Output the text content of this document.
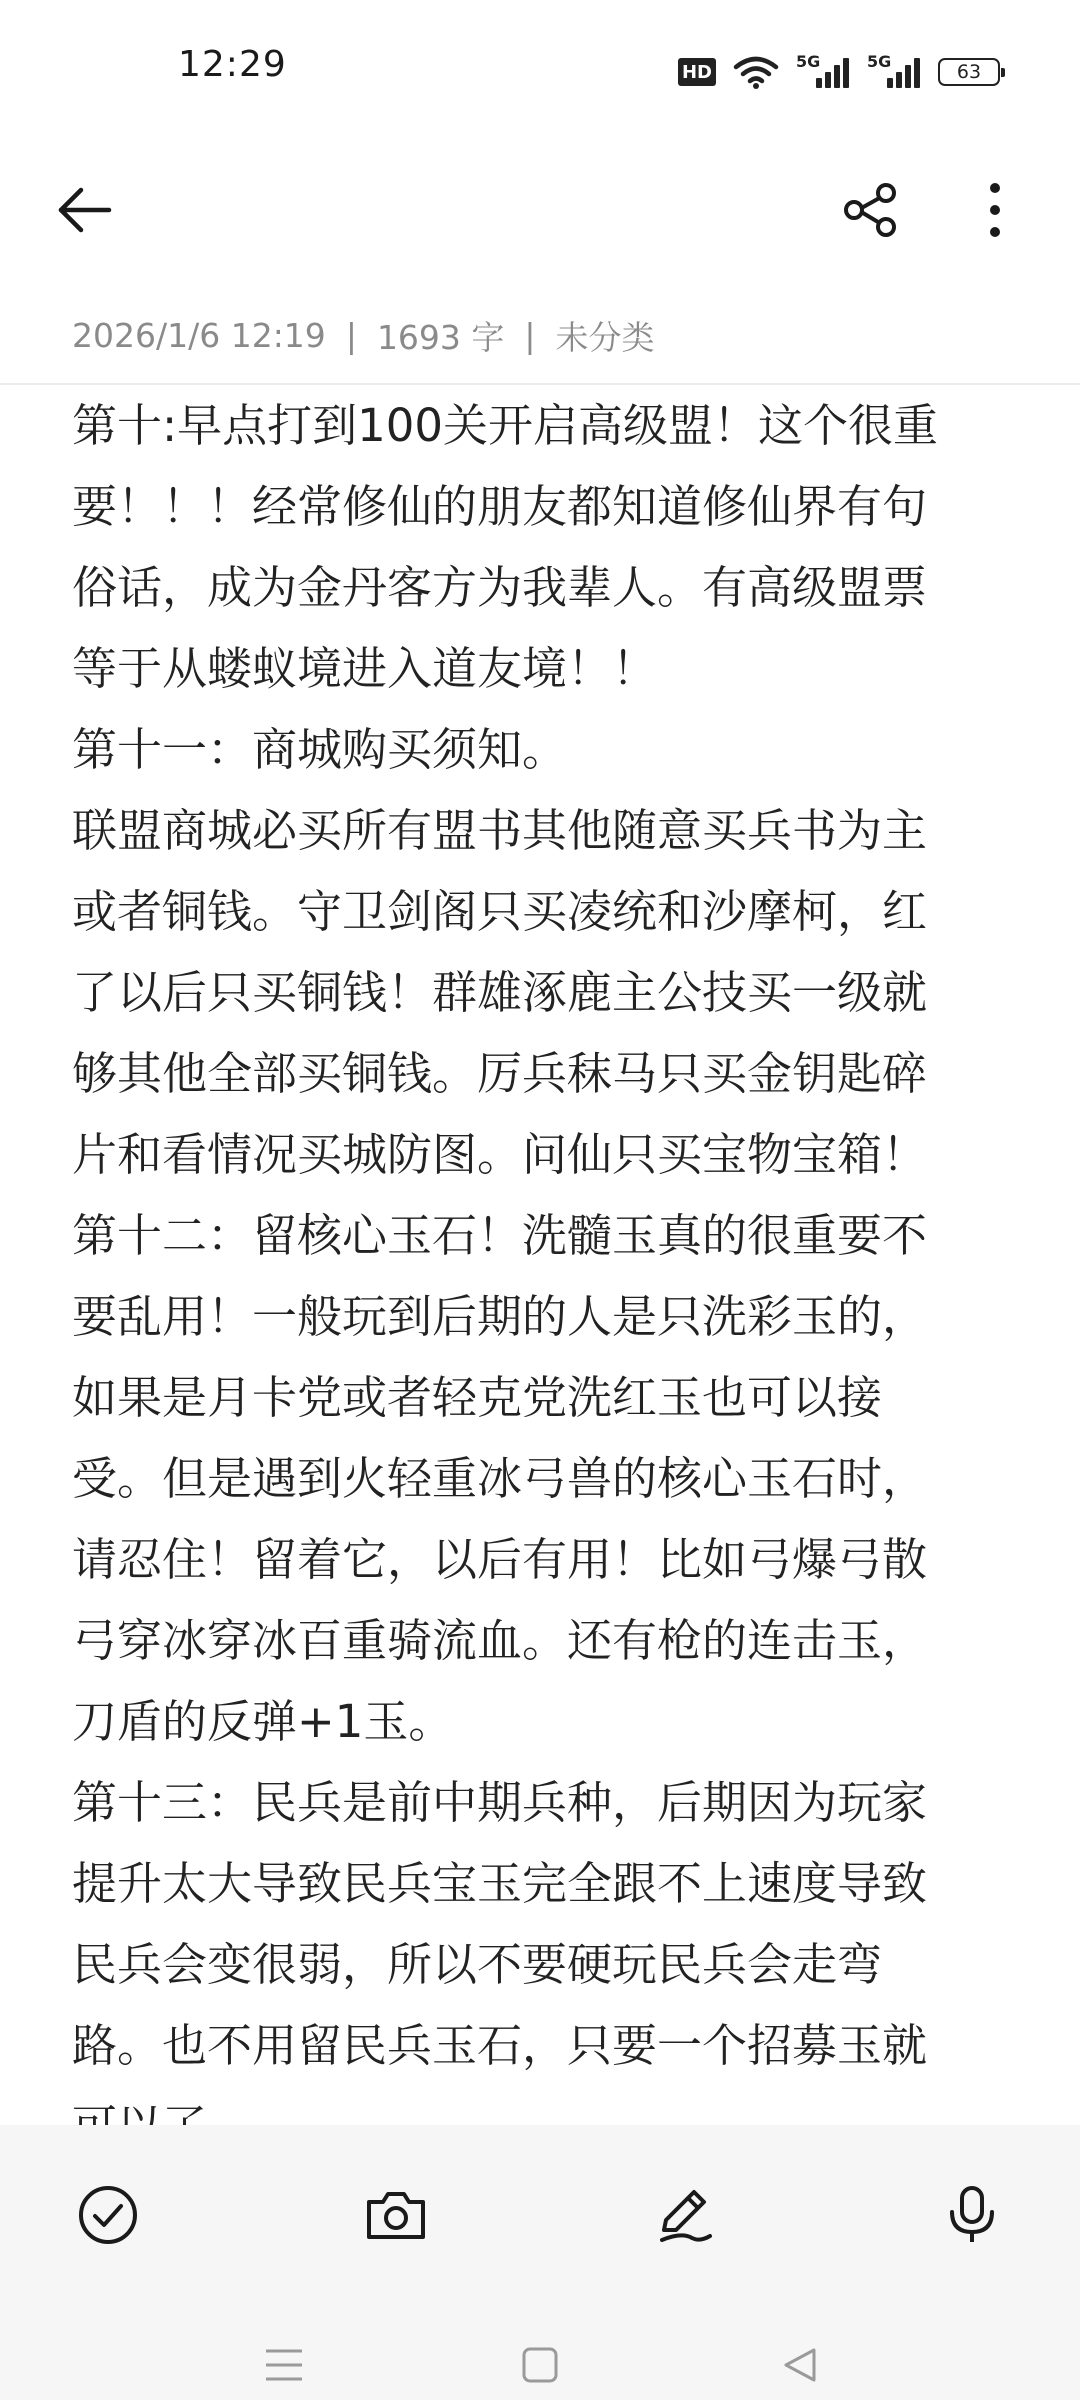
12:29	HD	5G	5G	63
2026/1/6 12:19 | 1693 字 | 未分类
第十:早点打到100关开启高级盟！这个很重
要！！！经常修仙的朋友都知道修仙界有句
俗话，成为金丹客方为我辈人。有高级盟票
等于从蝼蚁境进入道友境！！
第十一：商城购买须知。
联盟商城必买所有盟书其他随意买兵书为主
或者铜钱。守卫剑阁只买凌统和沙摩柯，红
了以后只买铜钱！群雄涿鹿主公技买一级就
够其他全部买铜钱。厉兵秣马只买金钥匙碎
片和看情况买城防图。问仙只买宝物宝箱！
第十二：留核心玉石！洗髓玉真的很重要不
要乱用！一般玩到后期的人是只洗彩玉的，
如果是月卡党或者轻克党洗红玉也可以接
受。但是遇到火轻重冰弓兽的核心玉石时，
请忍住！留着它，以后有用！比如弓爆弓散
弓穿冰穿冰百重骑流血。还有枪的连击玉，
刀盾的反弹+1玉。
第十三：民兵是前中期兵种，后期因为玩家
提升太大导致民兵宝玉完全跟不上速度导致
民兵会变很弱，所以不要硬玩民兵会走弯
路。也不用留民兵玉石，只要一个招募玉就
